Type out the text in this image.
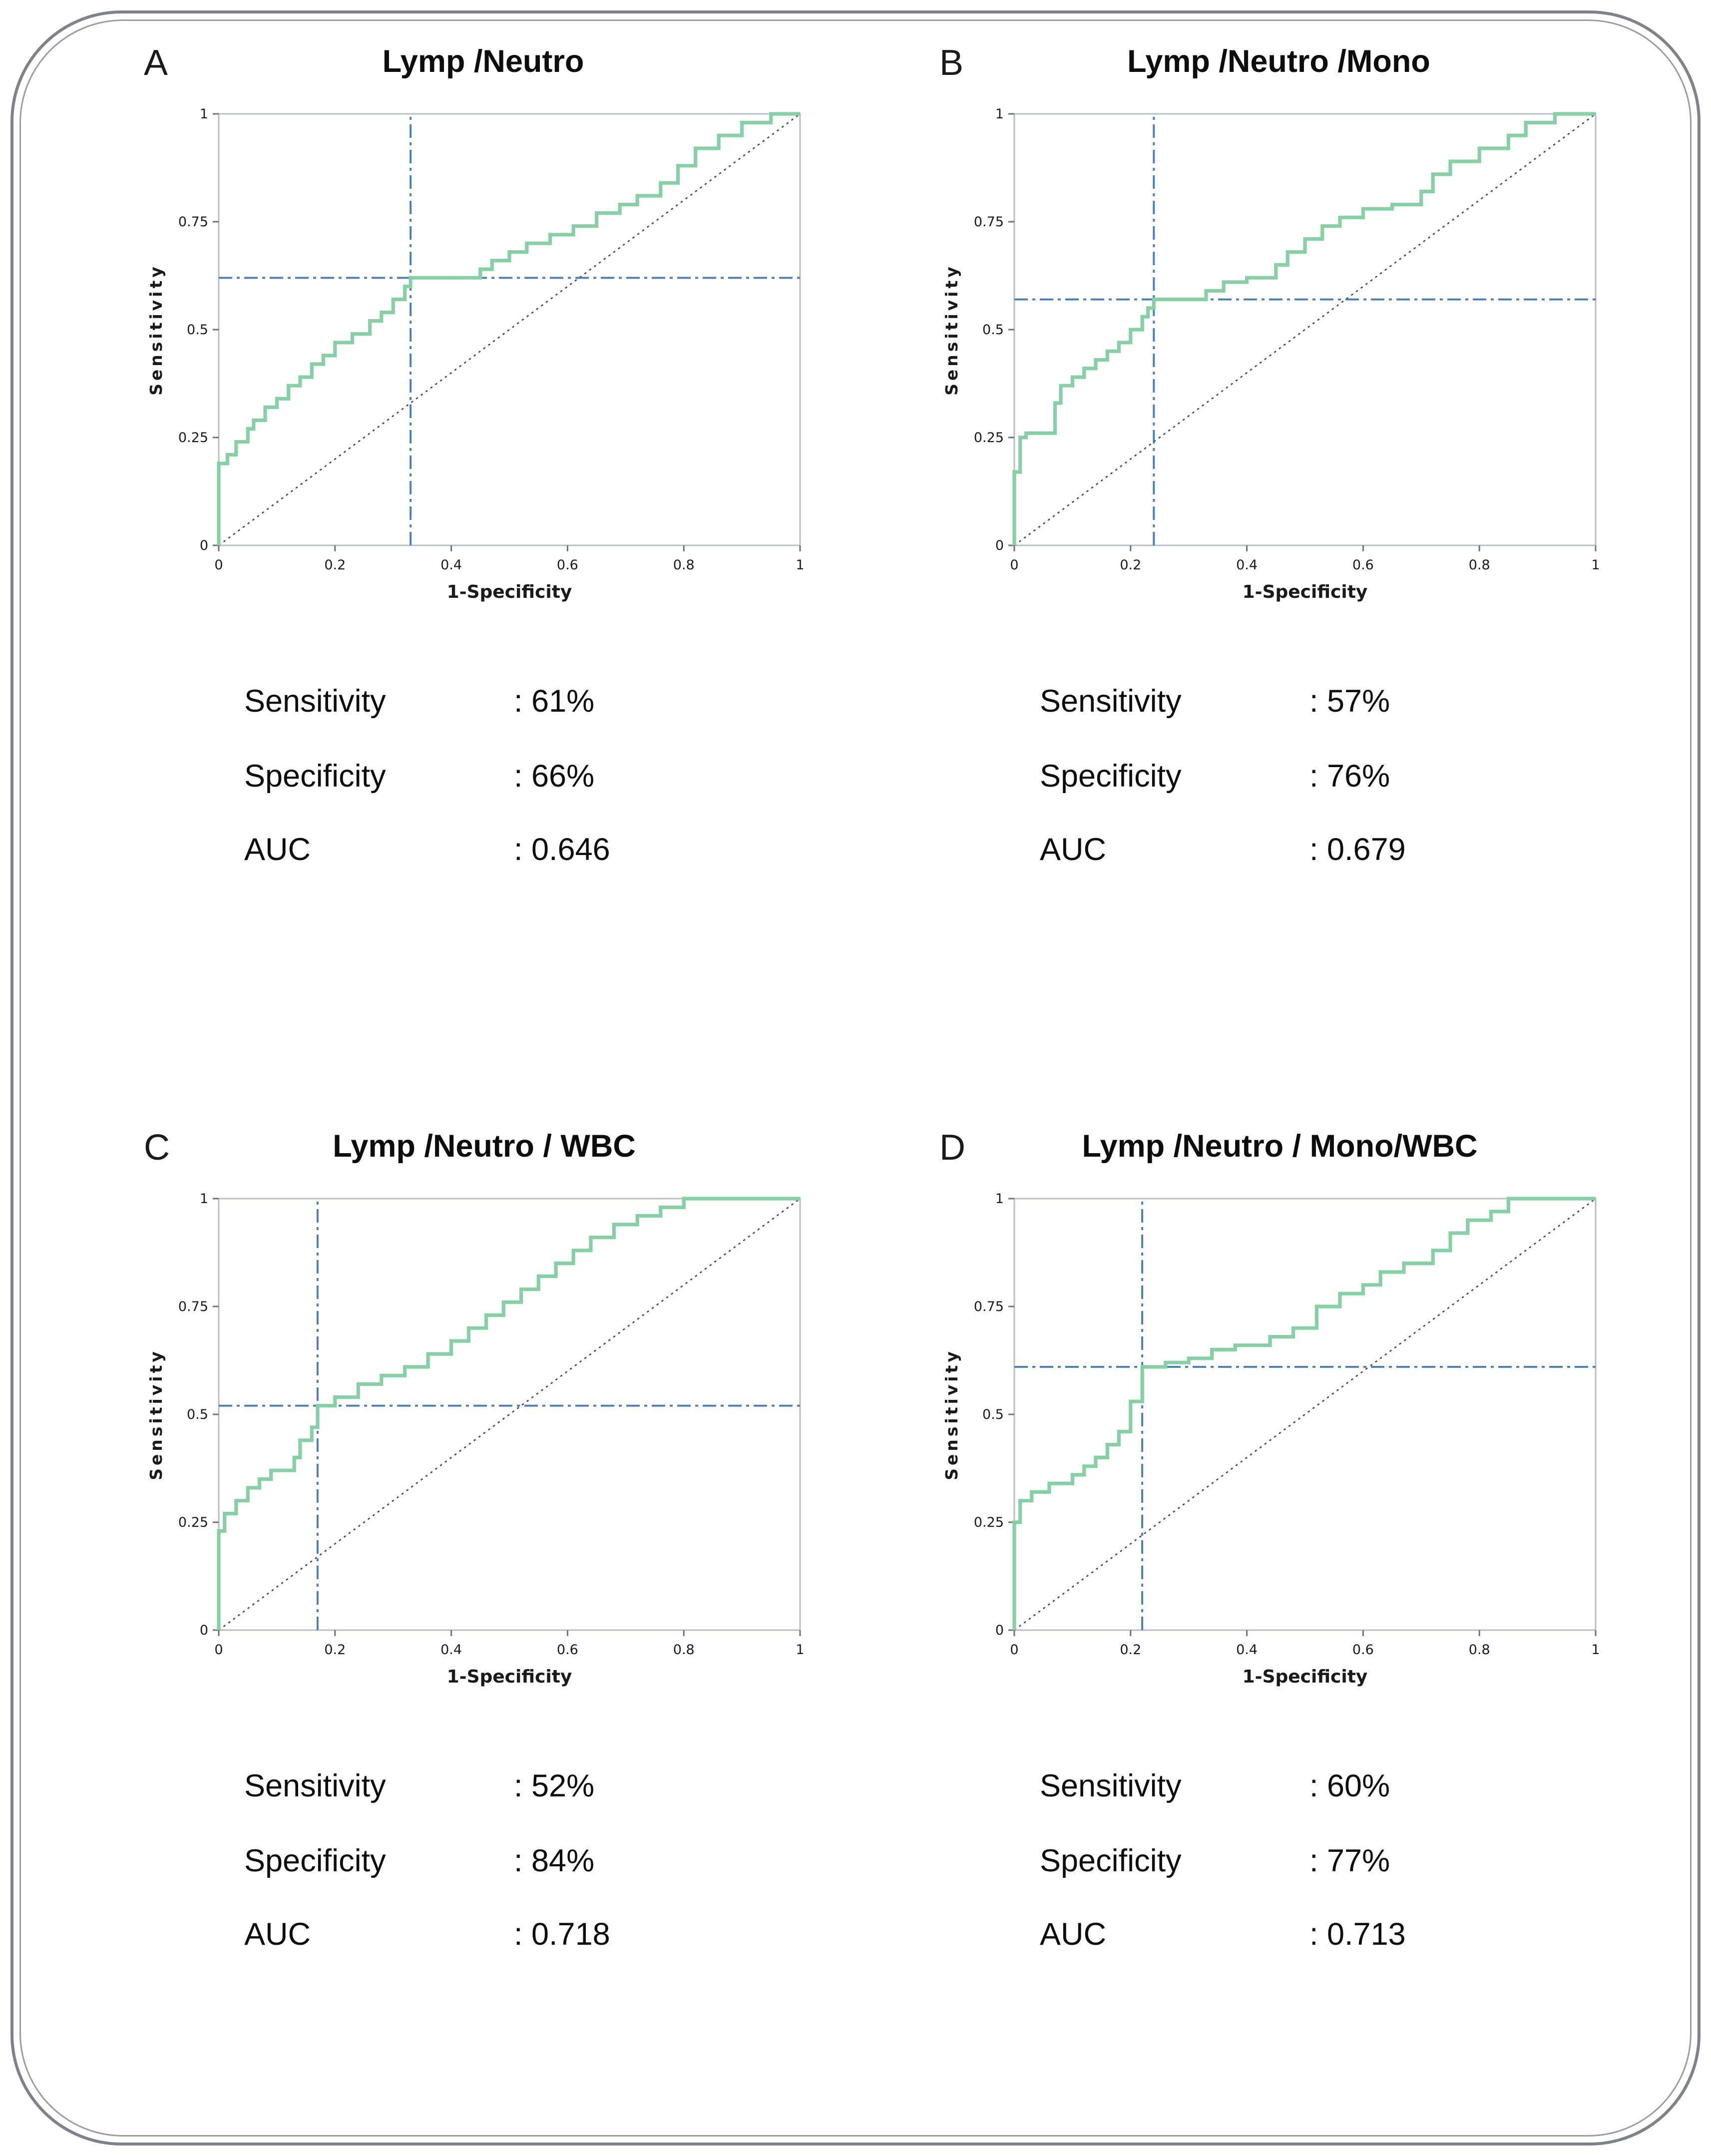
A	Lymp /Neutro
0	0.2	0.4	0.6	0.8	1
0
0.25
0.5
0.75
1
1-Specificity
Sensitivity
Sensitivity	: 61%
Specificity	: 66%
AUC	: 0.646
B	Lymp /Neutro /Mono
0	0.2	0.4	0.6	0.8	1
0
0.25
0.5
0.75
1
1-Specificity
Sensitivity
Sensitivity	: 57%
Specificity	: 76%
AUC	: 0.679
C	Lymp /Neutro / WBC
0	0.2	0.4	0.6	0.8	1
0
0.25
0.5
0.75
1
1-Specificity
Sensitivity
Sensitivity	: 52%
Specificity	: 84%
AUC	: 0.718
D	Lymp /Neutro / Mono/WBC
0	0.2	0.4	0.6	0.8	1
0
0.25
0.5
0.75
1
1-Specificity
Sensitivity
Sensitivity	: 60%
Specificity	: 77%
AUC	: 0.713
